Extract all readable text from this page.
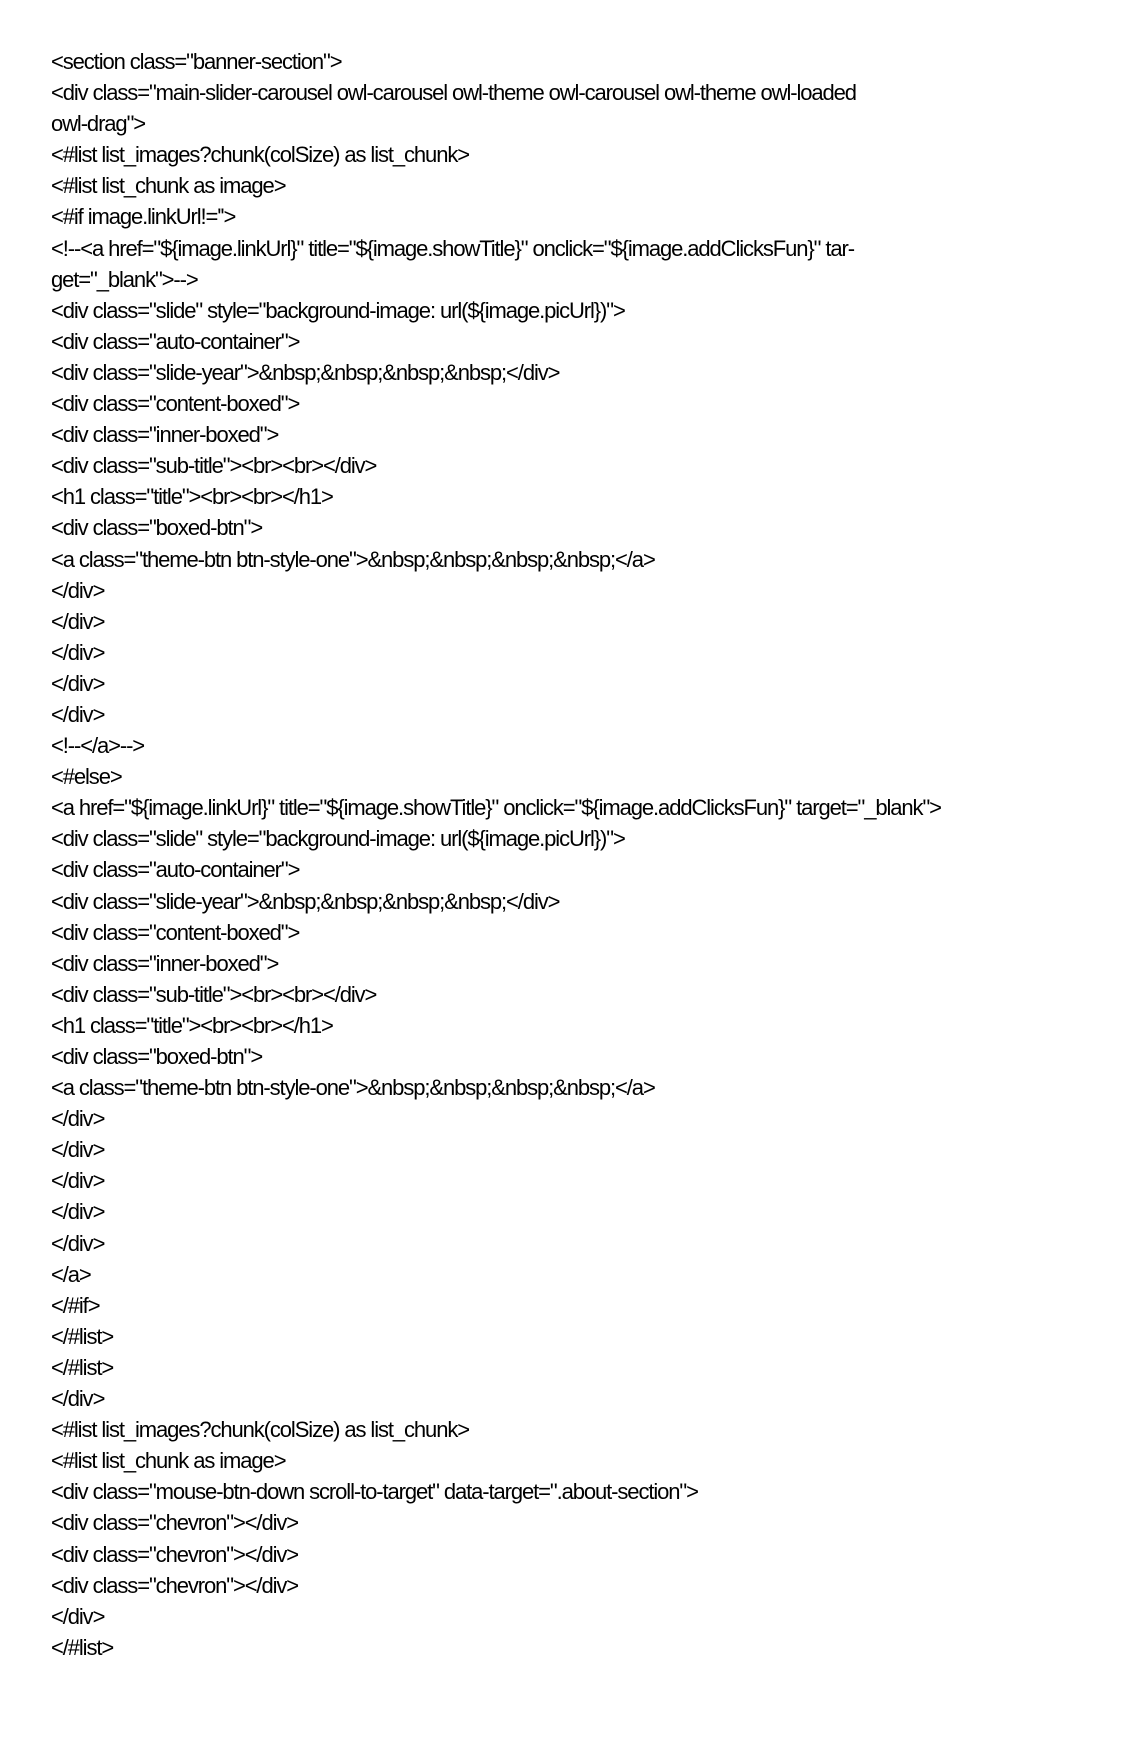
<section class="banner-section">
<div class="main-slider-carousel owl-carousel owl-theme owl-carousel owl-theme owl-loaded
owl-drag">
<#list list_images?chunk(colSize) as list_chunk>
<#list list_chunk as image>
<#if image.linkUrl!=''>
<!--<a href="${image.linkUrl}" title="${image.showTitle}" onclick="${image.addClicksFun}" tar-
get="_blank">-->
<div class="slide" style="background-image: url(${image.picUrl})">
<div class="auto-container">
<div class="slide-year">&nbsp;&nbsp;&nbsp;&nbsp;</div>
<div class="content-boxed">
<div class="inner-boxed">
<div class="sub-title"><br><br></div>
<h1 class="title"><br><br></h1>
<div class="boxed-btn">
<a class="theme-btn btn-style-one">&nbsp;&nbsp;&nbsp;&nbsp;</a>
</div>
</div>
</div>
</div>
</div>
<!--</a>-->
<#else>
<a href="${image.linkUrl}" title="${image.showTitle}" onclick="${image.addClicksFun}" target="_blank">
<div class="slide" style="background-image: url(${image.picUrl})">
<div class="auto-container">
<div class="slide-year">&nbsp;&nbsp;&nbsp;&nbsp;</div>
<div class="content-boxed">
<div class="inner-boxed">
<div class="sub-title"><br><br></div>
<h1 class="title"><br><br></h1>
<div class="boxed-btn">
<a class="theme-btn btn-style-one">&nbsp;&nbsp;&nbsp;&nbsp;</a>
</div>
</div>
</div>
</div>
</div>
</a>
</#if>
</#list>
</#list>
</div>
<#list list_images?chunk(colSize) as list_chunk>
<#list list_chunk as image>
<div class="mouse-btn-down scroll-to-target" data-target=".about-section">
<div class="chevron"></div>
<div class="chevron"></div>
<div class="chevron"></div>
</div>
</#list>
